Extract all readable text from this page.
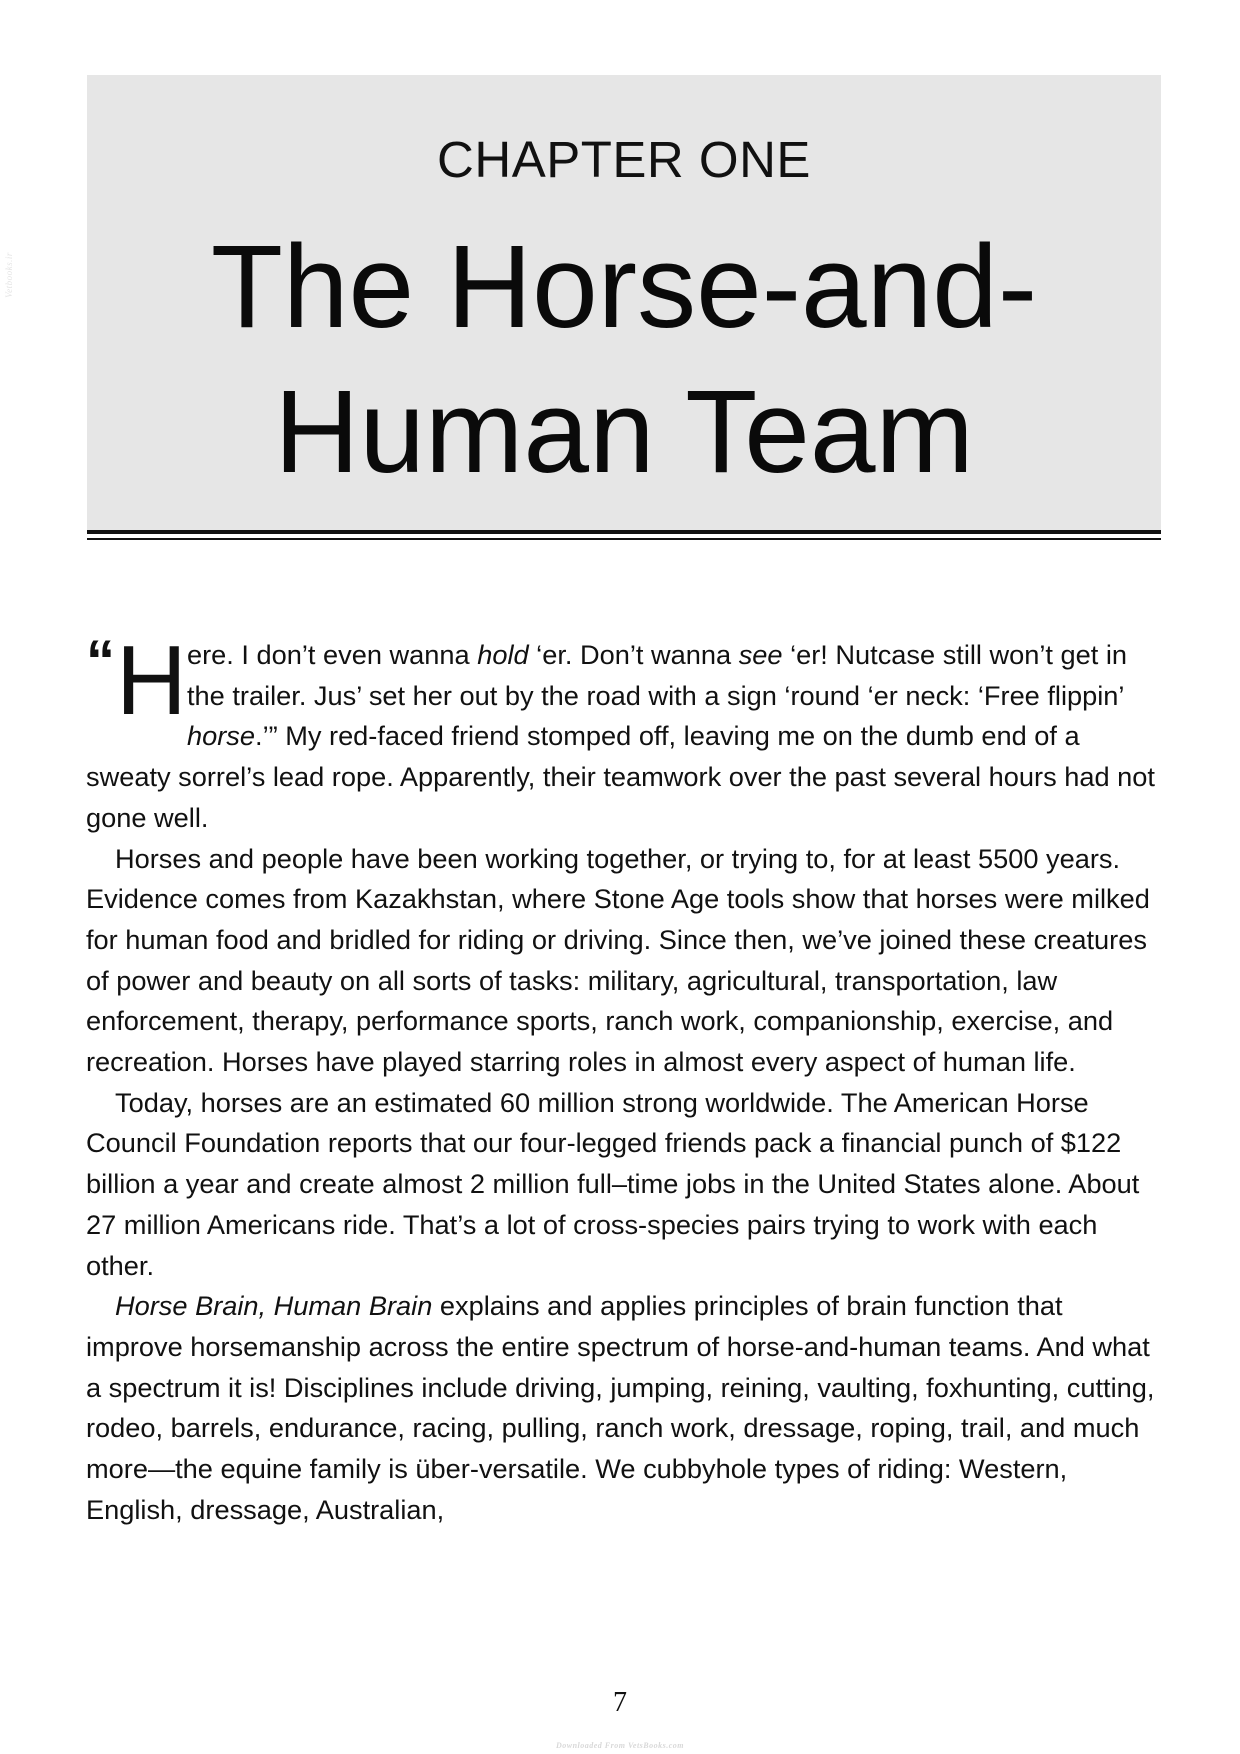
Vetbooks.ir
CHAPTER ONE
The Horse-and-
Human Team

“ H ere. I don’t even wanna hold ‘er. Don’t wanna see ‘er! Nutcase still won’t get in the trailer. Jus’ set her out by the road with a sign ‘round ‘er neck: ‘Free flippin’ horse.’” My red-faced friend stomped off, leaving me on the dumb end of a sweaty sorrel’s lead rope. Apparently, their teamwork over the past several hours had not gone well.

Horses and people have been working together, or trying to, for at least 5500 years. Evidence comes from Kazakhstan, where Stone Age tools show that horses were milked for human food and bridled for riding or driving. Since then, we’ve joined these creatures of power and beauty on all sorts of tasks: military, agricultural, transportation, law enforcement, therapy, performance sports, ranch work, companionship, exercise, and recreation. Horses have played starring roles in almost every aspect of human life.

Today, horses are an estimated 60 million strong worldwide. The American Horse Council Foundation reports that our four-legged friends pack a financial punch of $122 billion a year and create almost 2 million full–time jobs in the United States alone. About 27 million Americans ride. That’s a lot of cross-species pairs trying to work with each other.

Horse Brain, Human Brain explains and applies principles of brain function that improve horsemanship across the entire spectrum of horse-and-human teams. And what a spectrum it is! Disciplines include driving, jumping, reining, vaulting, foxhunting, cutting, rodeo, barrels, endurance, racing, pulling, ranch work, dressage, roping, trail, and much more—the equine family is über-versatile. We cubbyhole types of riding: Western, English, dressage, Australian,

7
Downloaded From VetsBooks.com
